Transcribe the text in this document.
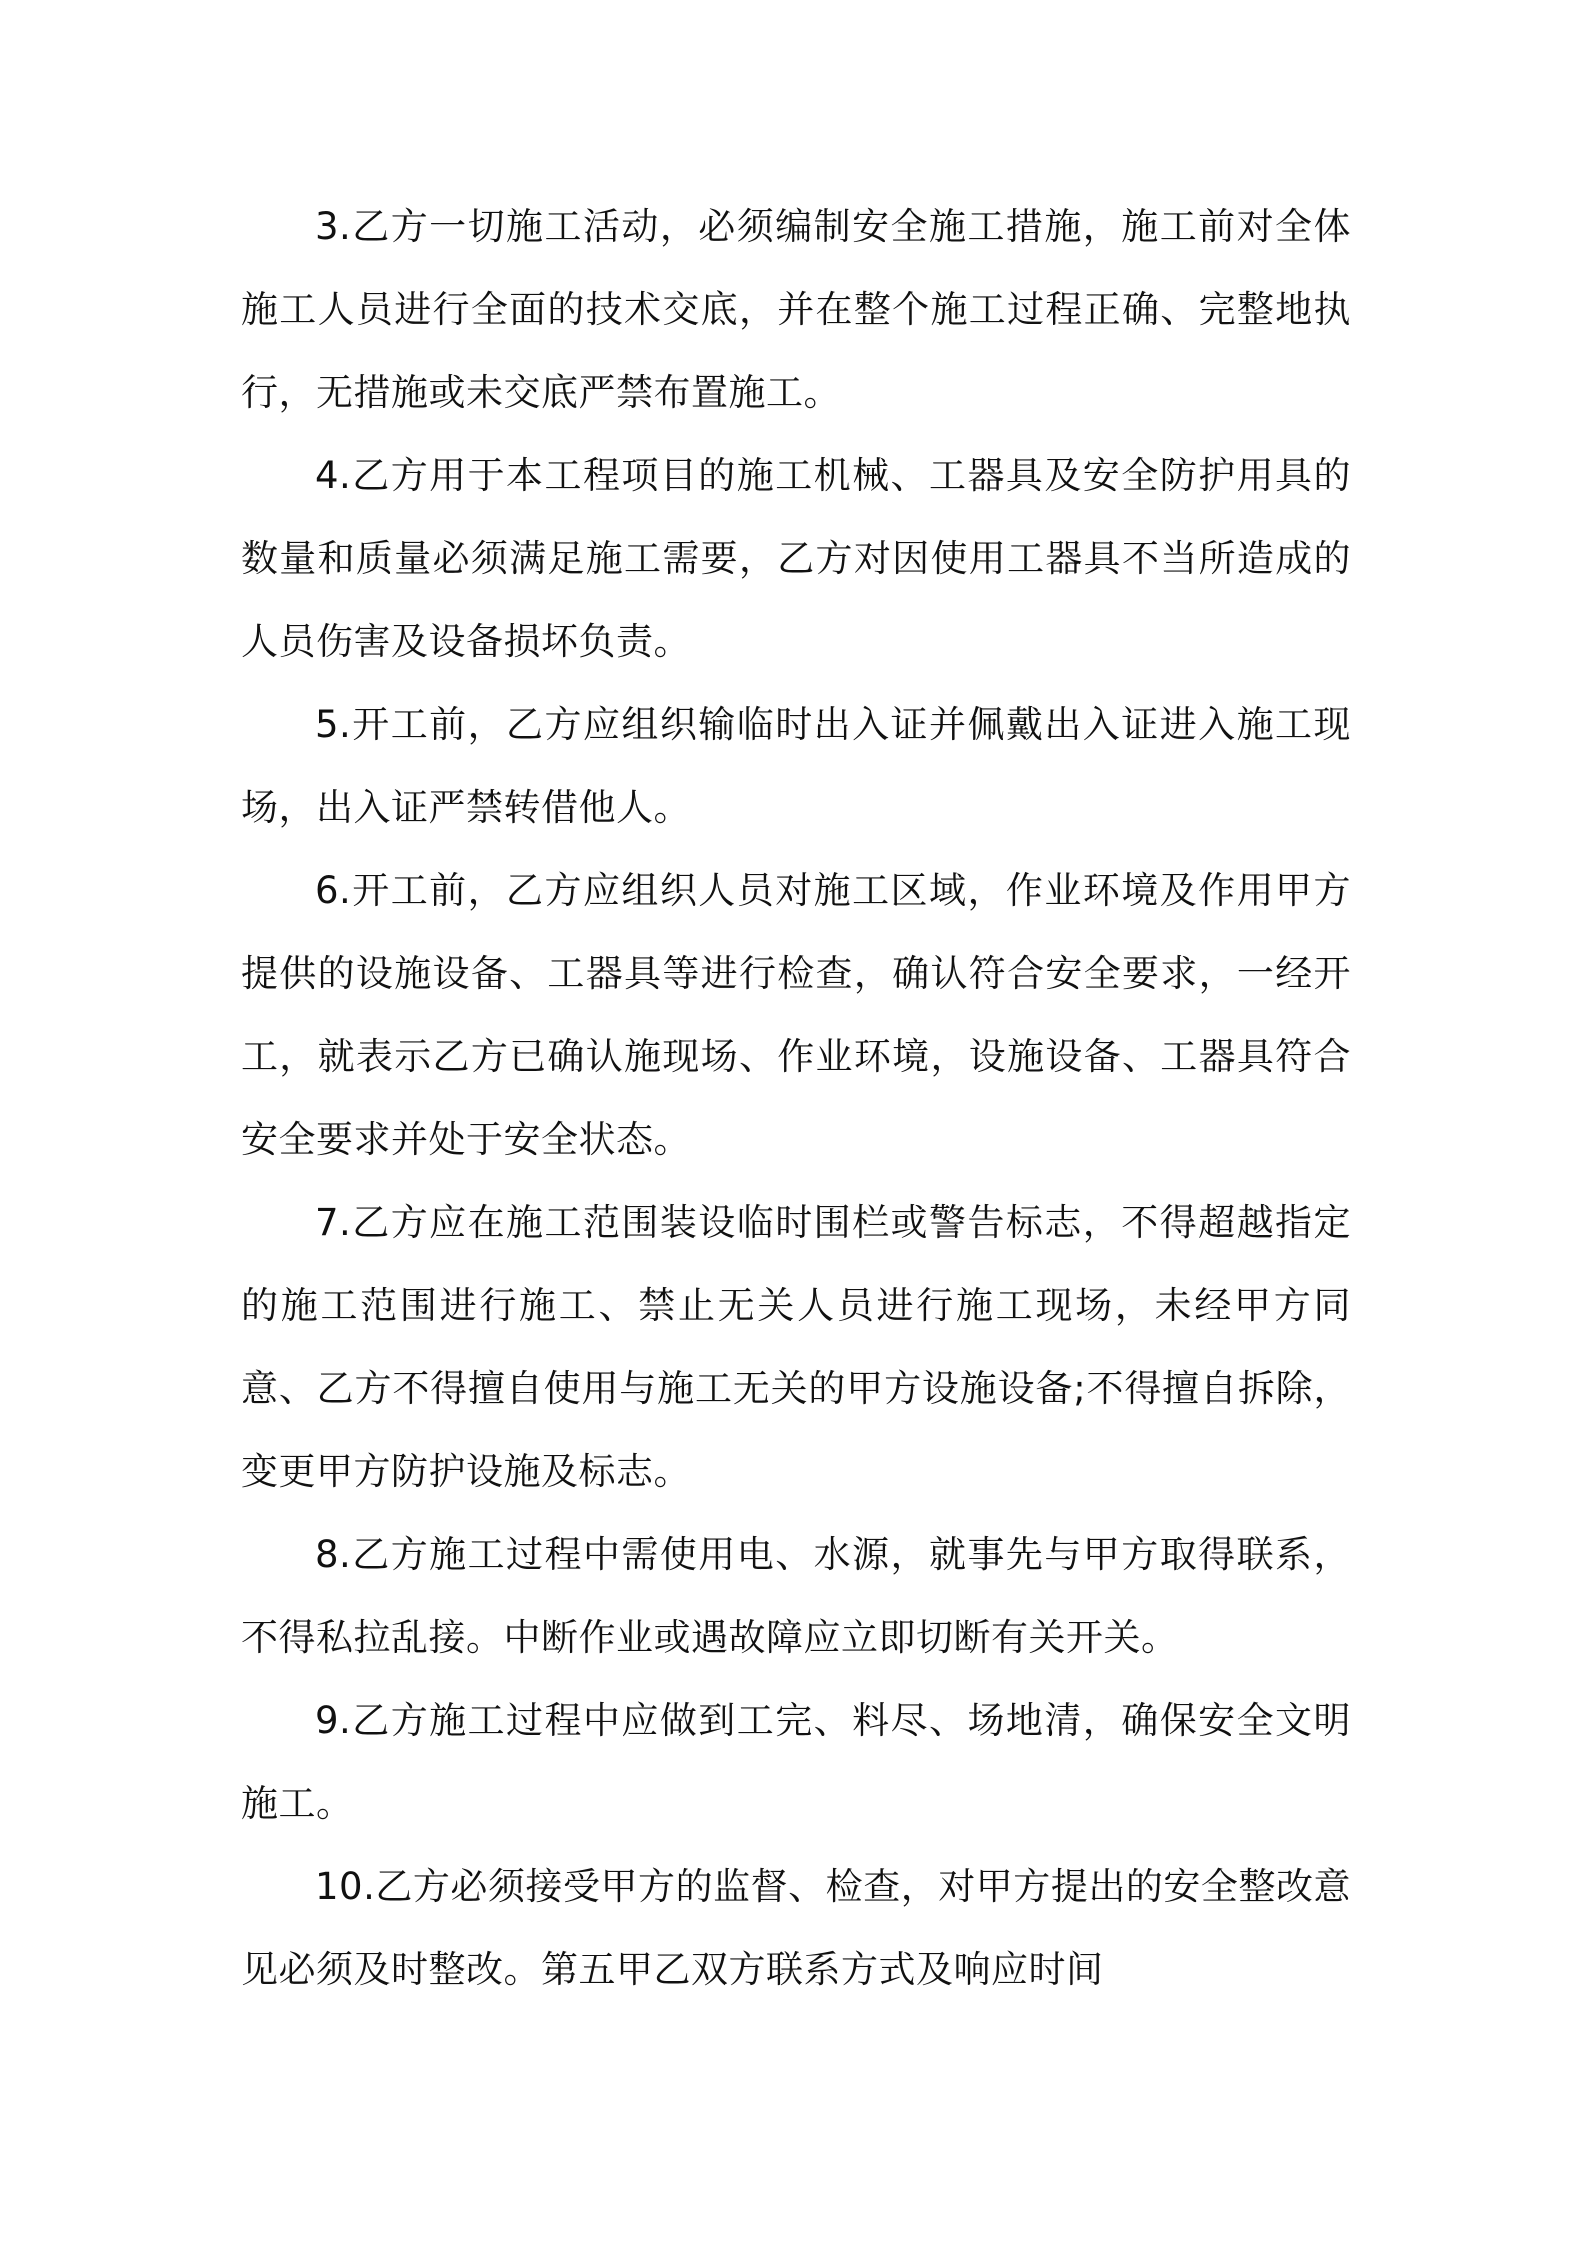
3.乙方一切施工活动，必须编制安全施工措施，施工前对全体施工人员进行全面的技术交底，并在整个施工过程正确、完整地执行，无措施或未交底严禁布置施工。

4.乙方用于本工程项目的施工机械、工器具及安全防护用具的数量和质量必须满足施工需要，乙方对因使用工器具不当所造成的人员伤害及设备损坏负责。

5.开工前，乙方应组织输临时出入证并佩戴出入证进入施工现场，出入证严禁转借他人。

6.开工前，乙方应组织人员对施工区域，作业环境及作用甲方提供的设施设备、工器具等进行检查，确认符合安全要求，一经开工，就表示乙方已确认施现场、作业环境，设施设备、工器具符合安全要求并处于安全状态。

7.乙方应在施工范围装设临时围栏或警告标志，不得超越指定的施工范围进行施工、禁止无关人员进行施工现场，未经甲方同意、乙方不得擅自使用与施工无关的甲方设施设备;不得擅自拆除，变更甲方防护设施及标志。

8.乙方施工过程中需使用电、水源，就事先与甲方取得联系，不得私拉乱接。中断作业或遇故障应立即切断有关开关。

9.乙方施工过程中应做到工完、料尽、场地清，确保安全文明施工。

10.乙方必须接受甲方的监督、检查，对甲方提出的安全整改意见必须及时整改。第五甲乙双方联系方式及响应时间
